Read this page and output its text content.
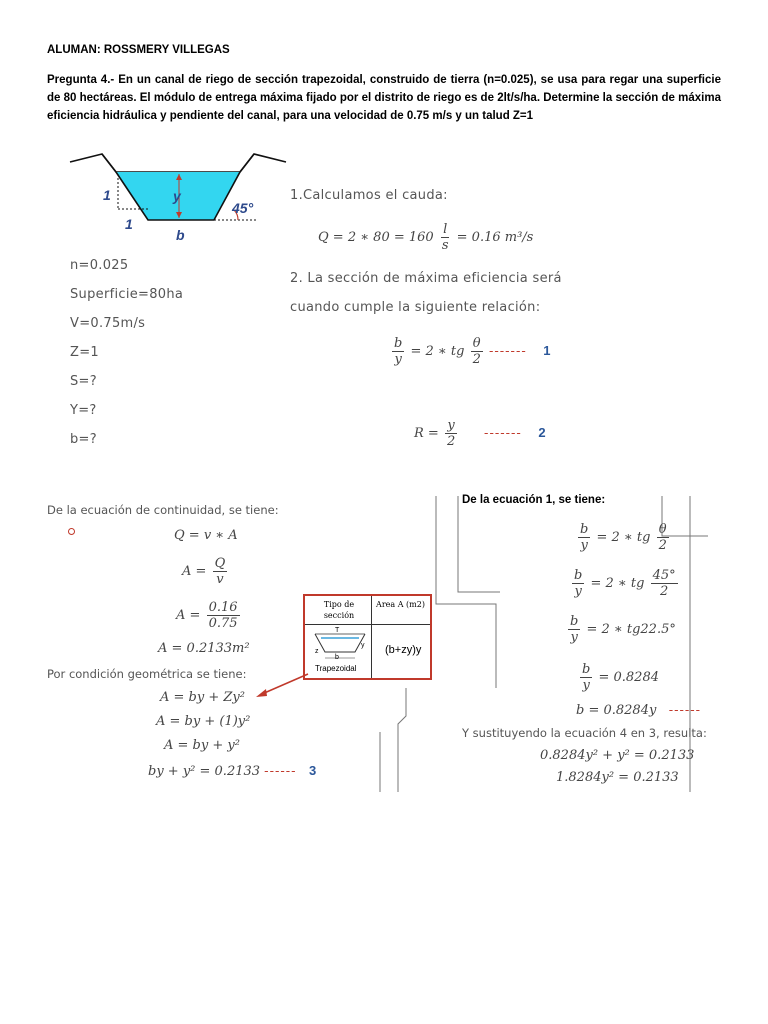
ALUMAN: ROSSMERY VILLEGAS
Pregunta 4.- En un canal de riego de sección trapezoidal, construido de tierra (n=0.025), se usa para regar una superficie de 80 hectáreas. El módulo de entrega máxima fijado por el distrito de riego es de 2lt/s/ha. Determine la sección de máxima eficiencia hidráulica y pendiente del canal, para una velocidad de 0.75 m/s y un talud Z=1
1	y
1
b
45°
n=0.025
Superficie=80ha
V=0.75m/s
Z=1
S=?
Y=?
b=?
1.Calculamos el cauda:
Q = 2 ∗ $80 = 160 \frac{l}{s} = 0.16$ m³/s
2. La sección de máxima eficiencia será
cuando cumple la siguiente relación:
$\frac{b}{y} = 2$ ∗ tg $\frac{\theta}{2}$ ------- 1
$R = \frac{y}{2}$ ------- 2
De la ecuación de continuidad, se tiene:
Q = v ∗ A
$A = \frac{Q}{v}$
$A = \frac{0.16}{0.75}$
A = 0.2133m²
Por condición geométrica se tiene:
A = by + Zy²
A = by + (1)y²
A = by + y²
by + y² = 0.2133 ------ 3
Tipo de sección
Area A (m2)
T
y
z
b
Trapezoidal
(b+zy)y
De la ecuación 1, se tiene:
$\frac{b}{y} = 2$ ∗ tg $\frac{\theta}{2}$
$\frac{b}{y} = 2$ ∗ tg $\frac{45^\circ}{2}$
$\frac{b}{y} = 2$ ∗ tg22.5°
$\frac{b}{y} = 0.8284$
b = 0.8284y ------
Y sustituyendo la ecuación 4 en 3, resulta:
0.8284y² + y² = 0.2133
1.8284y² = 0.2133
